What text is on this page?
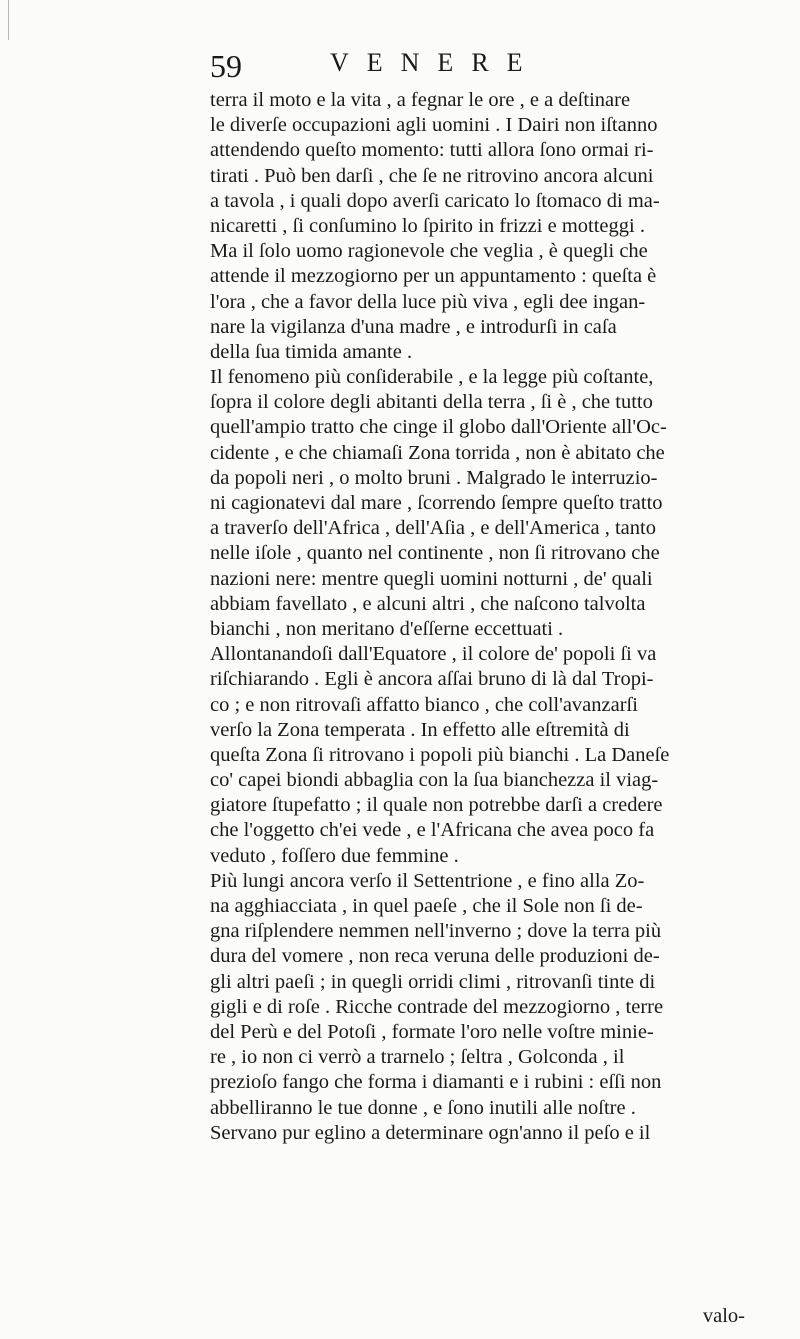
59	VENERE
terra il moto e la vita , a fegnar le ore , e a deſtinare
le diverſe occupazioni agli uomini . I Dairi non iſtanno
attendendo queſto momento: tutti allora ſono ormai ri-
tirati . Può ben darſi , che ſe ne ritrovino ancora alcuni
a tavola , i quali dopo averſi caricato lo ſtomaco di ma-
nicaretti , ſi conſumino lo ſpirito in frizzi e motteggi .
Ma il ſolo uomo ragionevole che veglia , è quegli che
attende il mezzogiorno per un appuntamento : queſta è
l'ora , che a favor della luce più viva , egli dee ingan-
nare la vigilanza d'una madre , e introdurſi in caſa
della ſua timida amante .
Il fenomeno più conſiderabile , e la legge più coſtante,
ſopra il colore degli abitanti della terra , ſi è , che tutto
quell'ampio tratto che cinge il globo dall'Oriente all'Oc-
cidente , e che chiamaſi Zona torrida , non è abitato che
da popoli neri , o molto bruni . Malgrado le interruzio-
ni cagionatevi dal mare , ſcorrendo ſempre queſto tratto
a traverſo dell'Africa , dell'Aſia , e dell'America , tanto
nelle iſole , quanto nel continente , non ſi ritrovano che
nazioni nere: mentre quegli uomini notturni , de' quali
abbiam favellato , e alcuni altri , che naſcono talvolta
bianchi , non meritano d'eſſerne eccettuati .
Allontanandoſi dall'Equatore , il colore de' popoli ſi va
riſchiarando . Egli è ancora aſſai bruno di là dal Tropi-
co ; e non ritrovaſi affatto bianco , che coll'avanzarſi
verſo la Zona temperata . In effetto alle eſtremità di
queſta Zona ſi ritrovano i popoli più bianchi . La Daneſe
co' capei biondi abbaglia con la ſua bianchezza il viag-
giatore ſtupefatto ; il quale non potrebbe darſi a credere
che l'oggetto ch'ei vede , e l'Africana che avea poco fa
veduto , foſſero due femmine .
Più lungi ancora verſo il Settentrione , e fino alla Zo-
na agghiacciata , in quel paeſe , che il Sole non ſi de-
gna riſplendere nemmen nell'inverno ; dove la terra più
dura del vomere , non reca veruna delle produzioni de-
gli altri paeſi ; in quegli orridi climi , ritrovanſi tinte di
gigli e di roſe . Ricche contrade del mezzogiorno , terre
del Perù e del Potoſi , formate l'oro nelle voſtre minie-
re , io non ci verrò a trarnelo ; ſeltra , Golconda , il
prezioſo fango che forma i diamanti e i rubini : eſſi non
abbelliranno le tue donne , e ſono inutili alle noſtre .
Servano pur eglino a determinare ogn'anno il peſo e il
valo-
